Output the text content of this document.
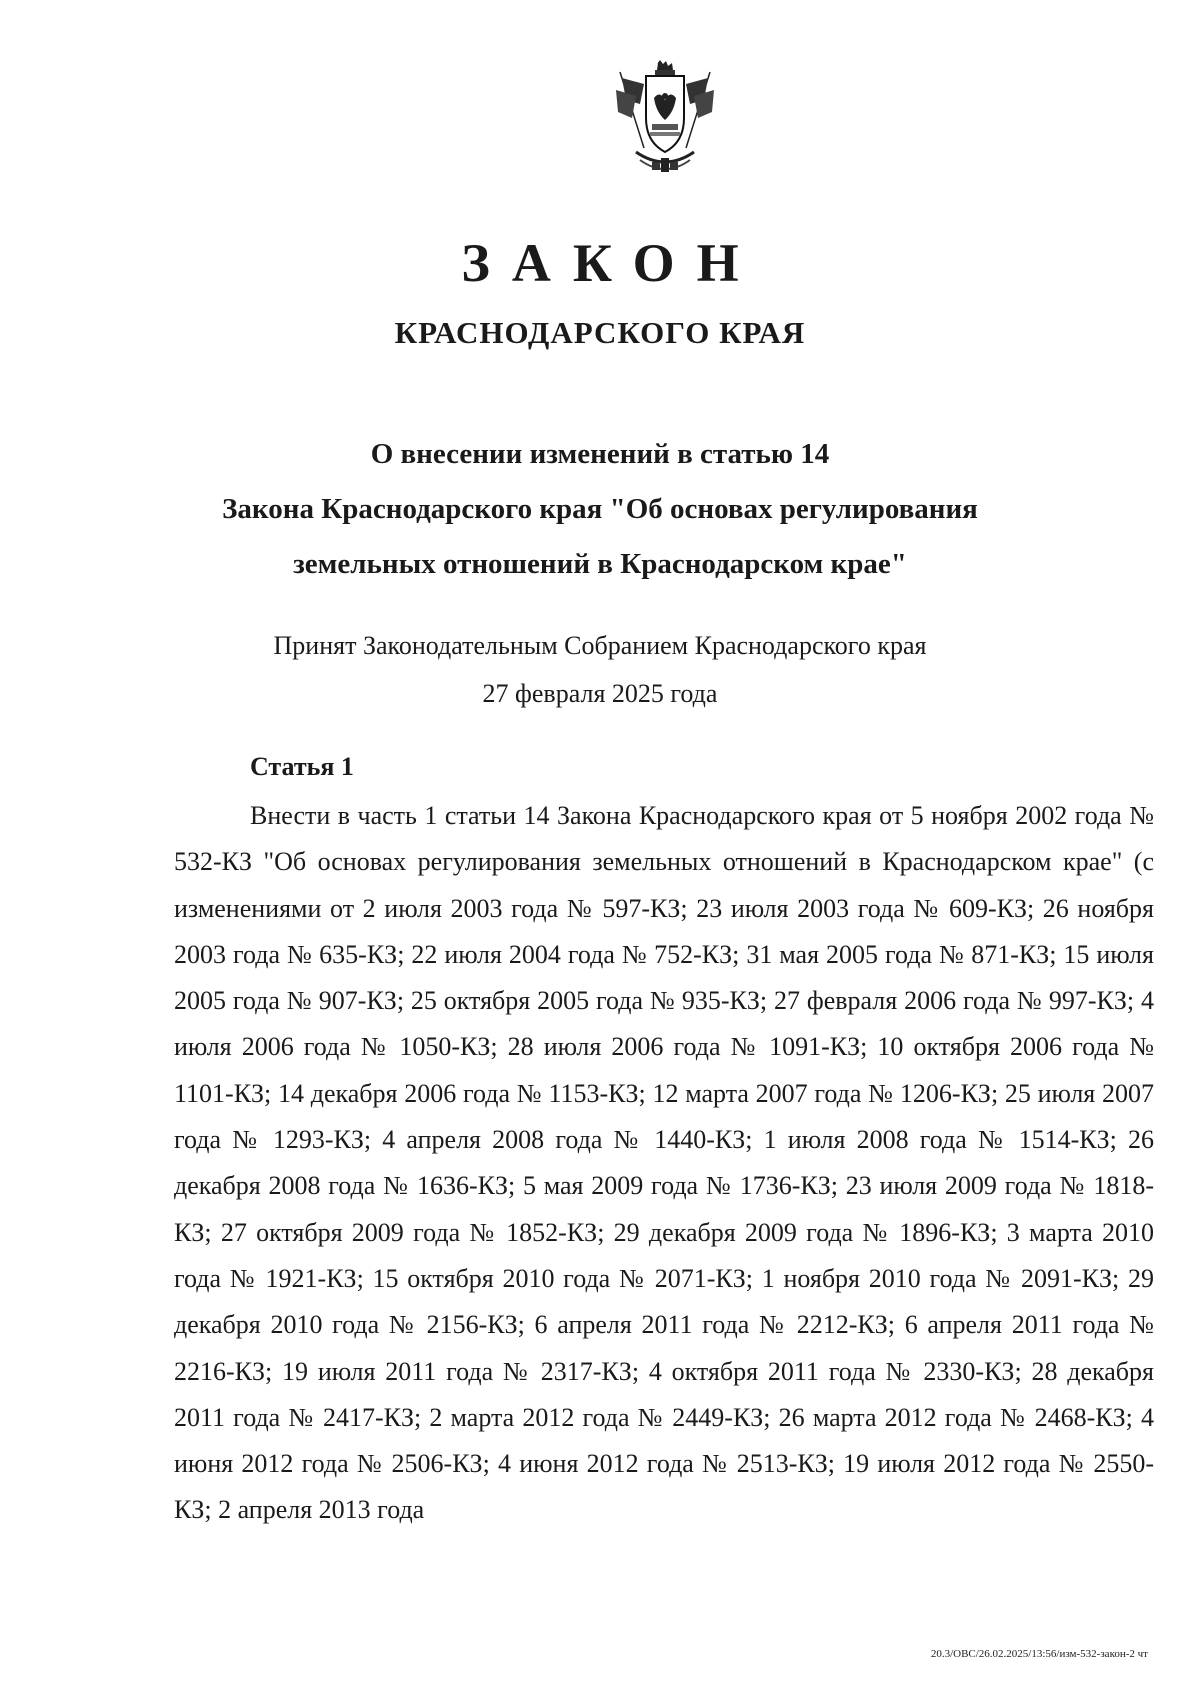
ЗАКОН
КРАСНОДАРСКОГО КРАЯ
О внесении изменений в статью 14
Закона Краснодарского края "Об основах регулирования
земельных отношений в Краснодарском крае"
Принят Законодательным Собранием Краснодарского края
27 февраля 2025 года
Статья 1
Внести в часть 1 статьи 14 Закона Краснодарского края от 5 ноября 2002 года № 532-КЗ "Об основах регулирования земельных отношений в Краснодарском крае" (с изменениями от 2 июля 2003 года № 597-КЗ; 23 июля 2003 года № 609-КЗ; 26 ноября 2003 года № 635-КЗ; 22 июля 2004 года № 752-КЗ; 31 мая 2005 года № 871-КЗ; 15 июля 2005 года № 907-КЗ; 25 октября 2005 года № 935-КЗ; 27 февраля 2006 года № 997-КЗ; 4 июля 2006 года № 1050-КЗ; 28 июля 2006 года № 1091-КЗ; 10 октября 2006 года № 1101-КЗ; 14 декабря 2006 года № 1153-КЗ; 12 марта 2007 года № 1206-КЗ; 25 июля 2007 года № 1293-КЗ; 4 апреля 2008 года № 1440-КЗ; 1 июля 2008 года № 1514-КЗ; 26 декабря 2008 года № 1636-КЗ; 5 мая 2009 года № 1736-КЗ; 23 июля 2009 года № 1818-КЗ; 27 октября 2009 года № 1852-КЗ; 29 декабря 2009 года № 1896-КЗ; 3 марта 2010 года № 1921-КЗ; 15 октября 2010 года № 2071-КЗ; 1 ноября 2010 года № 2091-КЗ; 29 декабря 2010 года № 2156-КЗ; 6 апреля 2011 года № 2212-КЗ; 6 апреля 2011 года № 2216-КЗ; 19 июля 2011 года № 2317-КЗ; 4 октября 2011 года № 2330-КЗ; 28 декабря 2011 года № 2417-КЗ; 2 марта 2012 года № 2449-КЗ; 26 марта 2012 года № 2468-КЗ; 4 июня 2012 года № 2506-КЗ; 4 июня 2012 года № 2513-КЗ; 19 июля 2012 года № 2550-КЗ; 2 апреля 2013 года
20.3/ОВС/26.02.2025/13:56/изм-532-закон-2 чт
